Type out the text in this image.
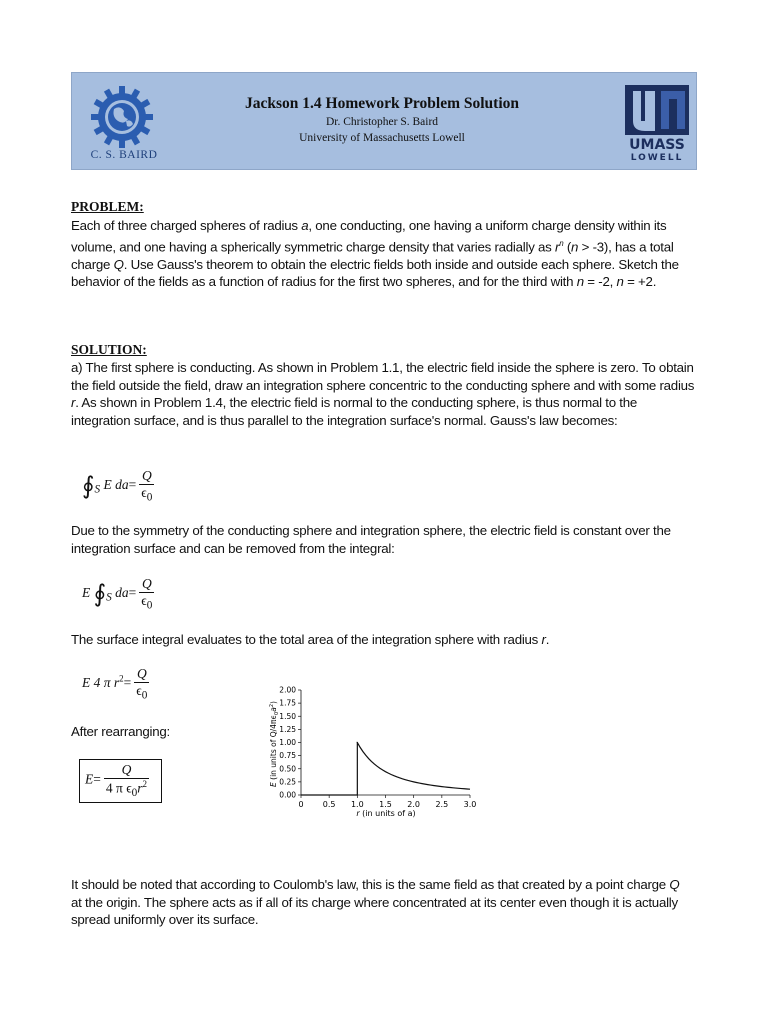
C. S. BAIRD
Jackson 1.4 Homework Problem Solution
Dr. Christopher S. Baird
University of Massachusetts Lowell	UMASS
LOWELL
PROBLEM:
Each of three charged spheres of radius a, one conducting, one having a uniform charge density within its volume, and one having a spherically symmetric charge density that varies radially as $r^n$ (n > -3), has a total charge Q. Use Gauss's theorem to obtain the electric fields both inside and outside each sphere. Sketch the behavior of the fields as a function of radius for the first two spheres, and for the third with n = -2, n = +2.
SOLUTION:
a) The first sphere is conducting. As shown in Problem 1.1, the electric field inside the sphere is zero. To obtain the field outside the field, draw an integration sphere concentric to the conducting sphere and with some radius r. As shown in Problem 1.4, the electric field is normal to the conducting sphere, is thus normal to the integration surface, and is thus parallel to the integration surface's normal. Gauss's law becomes:
$∮_S$ E $da= \frac{Q}{\epsilon_0}$
Due to the symmetry of the conducting sphere and integration sphere, the electric field is constant over the integration surface and can be removed from the integral:
E $∮_S$ $da= \frac{Q}{\epsilon_0}$
The surface integral evaluates to the total area of the integration sphere with radius r.
E 4 π $r^2= \frac{Q}{\epsilon_0}$
After rearranging:
$E= \frac{Q}{4 \pi \epsilon_0r^2}$	0.00
0.25
0.50
0.75
1.00
1.25
1.50
1.75
2.00
0 0.5 1.0 1.5 2.0 2.5 3.0
r (in units of a)
E (in units of $Q/4\pi\epsilon_0a^2$)
It should be noted that according to Coulomb's law, this is the same field as that created by a point charge Q at the origin. The sphere acts as if all of its charge where concentrated at its center even though it is actually spread uniformly over its surface.
